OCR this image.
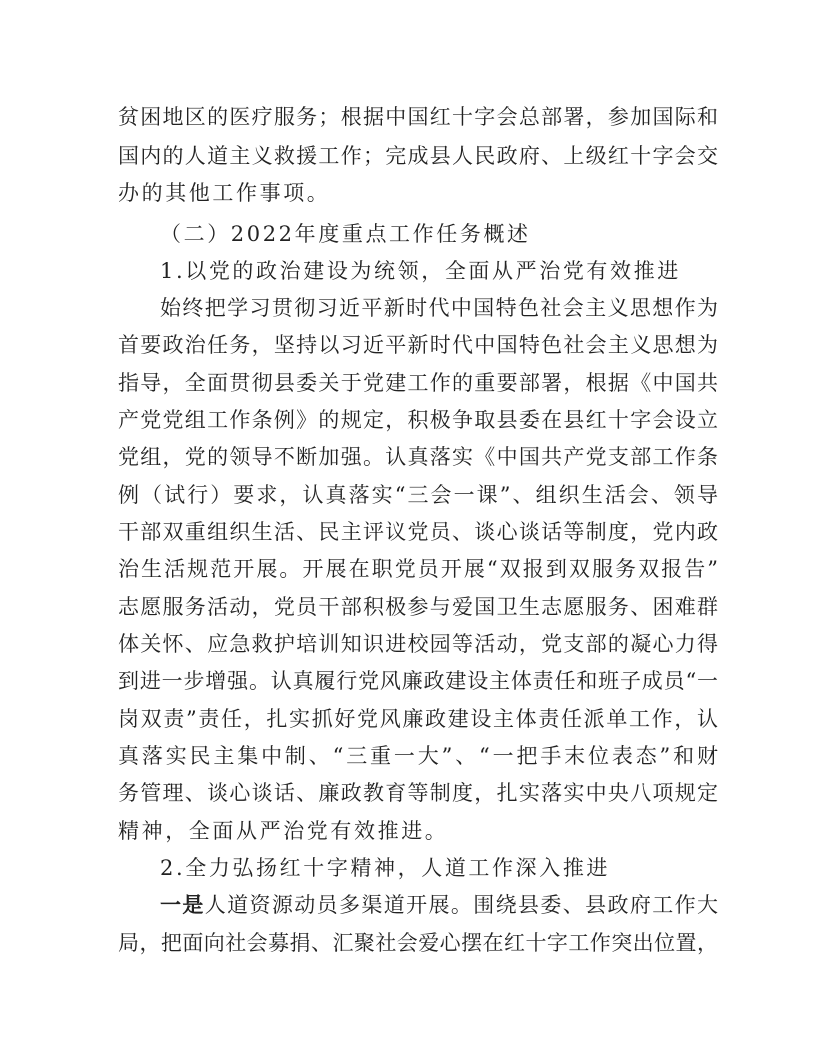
贫困地区的医疗服务；根据中国红十字会总部署，参加国际和
国内的人道主义救援工作；完成县人民政府、上级红十字会交
办的其他工作事项。
（二）2022年度重点工作任务概述
1.以党的政治建设为统领，全面从严治党有效推进
始终把学习贯彻习近平新时代中国特色社会主义思想作为
首要政治任务，坚持以习近平新时代中国特色社会主义思想为
指导，全面贯彻县委关于党建工作的重要部署，根据《中国共
产党党组工作条例》的规定，积极争取县委在县红十字会设立
党组，党的领导不断加强。认真落实《中国共产党支部工作条
例（试行）要求，认真落实“三会一课”、组织生活会、领导
干部双重组织生活、民主评议党员、谈心谈话等制度，党内政
治生活规范开展。开展在职党员开展“双报到双服务双报告”
志愿服务活动，党员干部积极参与爱国卫生志愿服务、困难群
体关怀、应急救护培训知识进校园等活动，党支部的凝心力得
到进一步增强。认真履行党风廉政建设主体责任和班子成员“一
岗双责”责任，扎实抓好党风廉政建设主体责任派单工作，认
真落实民主集中制、“三重一大”、“一把手末位表态”和财
务管理、谈心谈话、廉政教育等制度，扎实落实中央八项规定
精神，全面从严治党有效推进。
2.全力弘扬红十字精神，人道工作深入推进
一是人道资源动员多渠道开展。围绕县委、县政府工作大
局，把面向社会募捐、汇聚社会爱心摆在红十字工作突出位置，
